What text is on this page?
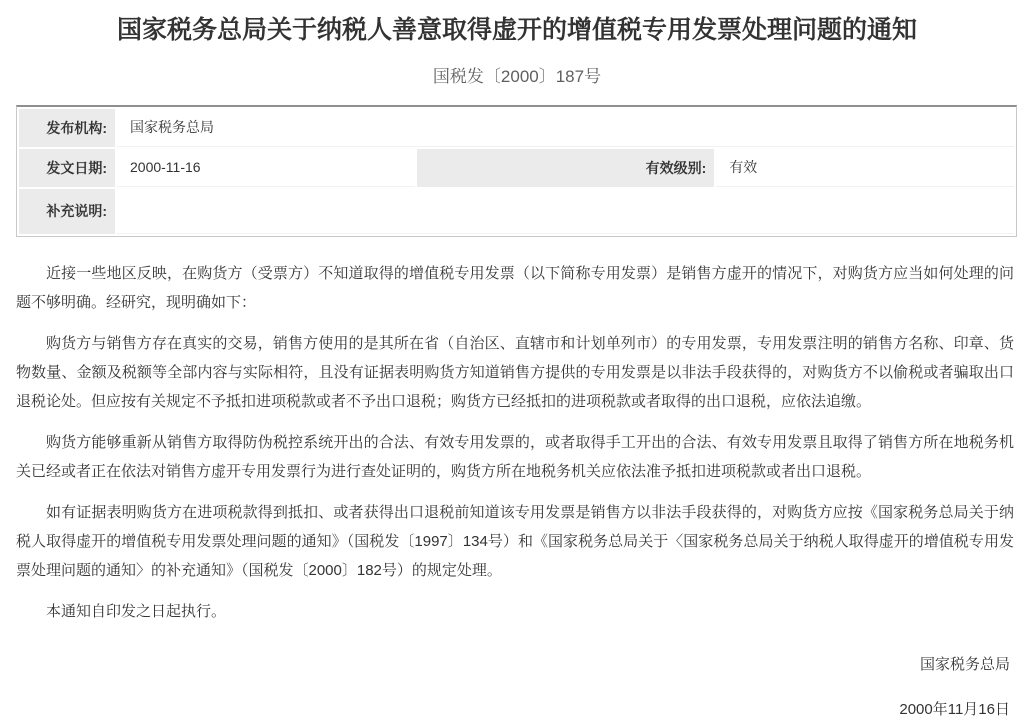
国家税务总局关于纳税人善意取得虚开的增值税专用发票处理问题的通知
国税发〔2000〕187号
发布机构:	国家税务总局		
发文日期:	2000-11-16	有效级别:	有效
补充说明:			

近接一些地区反映，在购货方（受票方）不知道取得的增值税专用发票（以下简称专用发票）是销售方虚开的情况下，对购货方应当如何处理的问题不够明确。经研究，现明确如下：

购货方与销售方存在真实的交易，销售方使用的是其所在省（自治区、直辖市和计划单列市）的专用发票，专用发票注明的销售方名称、印章、货物数量、金额及税额等全部内容与实际相符，且没有证据表明购货方知道销售方提供的专用发票是以非法手段获得的，对购货方不以偷税或者骗取出口退税论处。但应按有关规定不予抵扣进项税款或者不予出口退税；购货方已经抵扣的进项税款或者取得的出口退税，应依法追缴。

购货方能够重新从销售方取得防伪税控系统开出的合法、有效专用发票的，或者取得手工开出的合法、有效专用发票且取得了销售方所在地税务机关已经或者正在依法对销售方虚开专用发票行为进行查处证明的，购货方所在地税务机关应依法准予抵扣进项税款或者出口退税。

如有证据表明购货方在进项税款得到抵扣、或者获得出口退税前知道该专用发票是销售方以非法手段获得的，对购货方应按《国家税务总局关于纳税人取得虚开的增值税专用发票处理问题的通知》（国税发〔1997〕134号）和《国家税务总局关于〈国家税务总局关于纳税人取得虚开的增值税专用发票处理问题的通知〉的补充通知》（国税发〔2000〕182号）的规定处理。

本通知自印发之日起执行。

国家税务总局
2000年11月16日
